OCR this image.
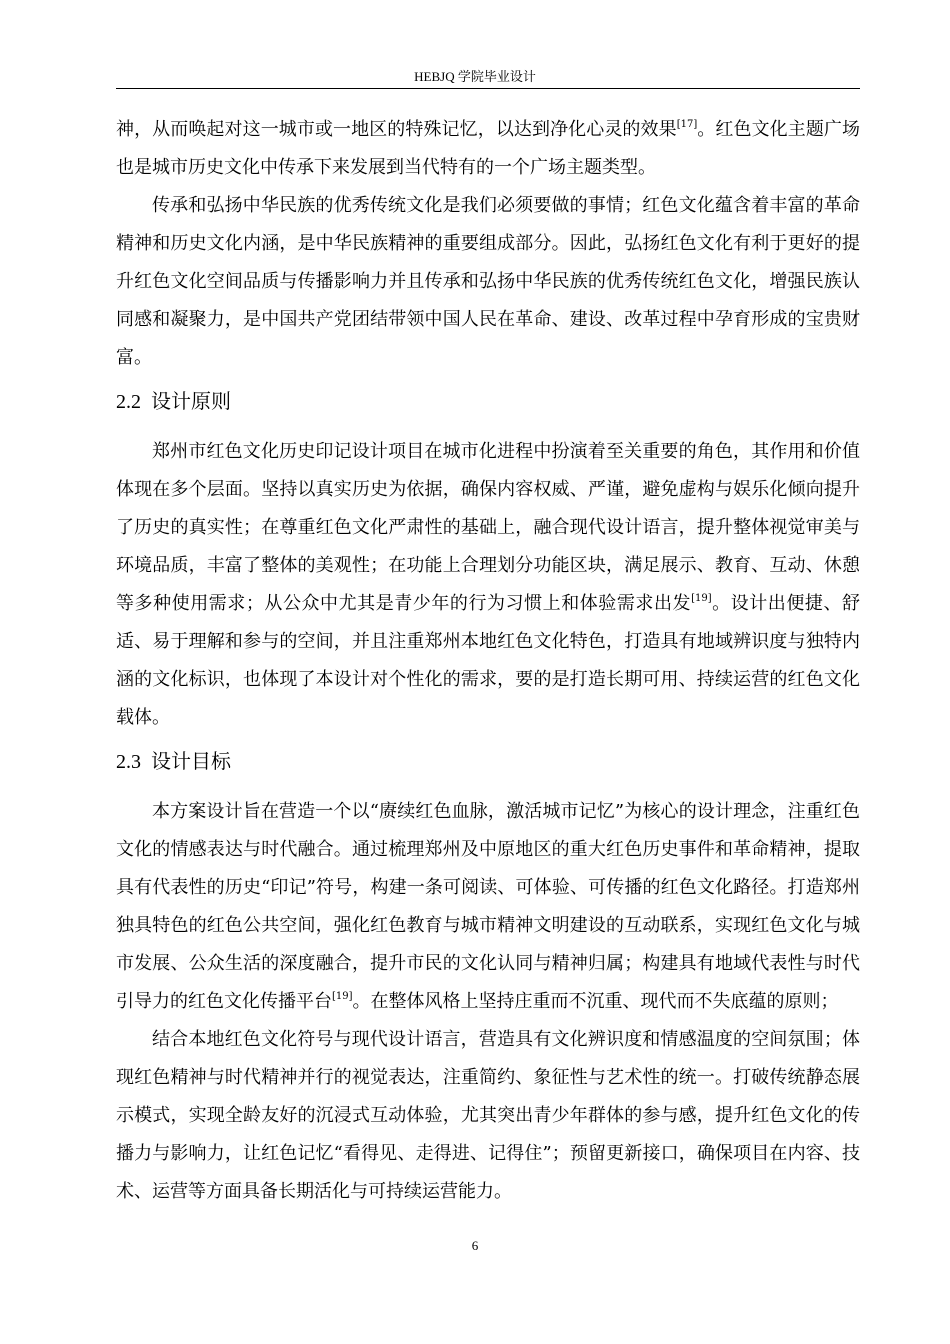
HEBJQ 学院毕业设计

神，从而唤起对这一城市或一地区的特殊记忆，以达到净化心灵的效果[17]。红色文化主题广场也是城市历史文化中传承下来发展到当代特有的一个广场主题类型。

传承和弘扬中华民族的优秀传统文化是我们必须要做的事情；红色文化蕴含着丰富的革命精神和历史文化内涵，是中华民族精神的重要组成部分。因此，弘扬红色文化有利于更好的提升红色文化空间品质与传播影响力并且传承和弘扬中华民族的优秀传统红色文化，增强民族认同感和凝聚力，是中国共产党团结带领中国人民在革命、建设、改革过程中孕育形成的宝贵财富。

2.2 设计原则

郑州市红色文化历史印记设计项目在城市化进程中扮演着至关重要的角色，其作用和价值体现在多个层面。坚持以真实历史为依据，确保内容权威、严谨，避免虚构与娱乐化倾向提升了历史的真实性；在尊重红色文化严肃性的基础上，融合现代设计语言，提升整体视觉审美与环境品质，丰富了整体的美观性；在功能上合理划分功能区块，满足展示、教育、互动、休憩等多种使用需求；从公众中尤其是青少年的行为习惯上和体验需求出发[19]。设计出便捷、舒适、易于理解和参与的空间，并且注重郑州本地红色文化特色，打造具有地域辨识度与独特内涵的文化标识，也体现了本设计对个性化的需求，要的是打造长期可用、持续运营的红色文化载体。

2.3 设计目标

本方案设计旨在营造一个以“赓续红色血脉，激活城市记忆”为核心的设计理念，注重红色文化的情感表达与时代融合。通过梳理郑州及中原地区的重大红色历史事件和革命精神，提取具有代表性的历史“印记”符号，构建一条可阅读、可体验、可传播的红色文化路径。打造郑州独具特色的红色公共空间，强化红色教育与城市精神文明建设的互动联系，实现红色文化与城市发展、公众生活的深度融合，提升市民的文化认同与精神归属；构建具有地域代表性与时代引导力的红色文化传播平台[19]。在整体风格上坚持庄重而不沉重、现代而不失底蕴的原则；

结合本地红色文化符号与现代设计语言，营造具有文化辨识度和情感温度的空间氛围；体现红色精神与时代精神并行的视觉表达，注重简约、象征性与艺术性的统一。打破传统静态展示模式，实现全龄友好的沉浸式互动体验，尤其突出青少年群体的参与感，提升红色文化的传播力与影响力，让红色记忆“看得见、走得进、记得住”；预留更新接口，确保项目在内容、技术、运营等方面具备长期活化与可持续运营能力。

6
